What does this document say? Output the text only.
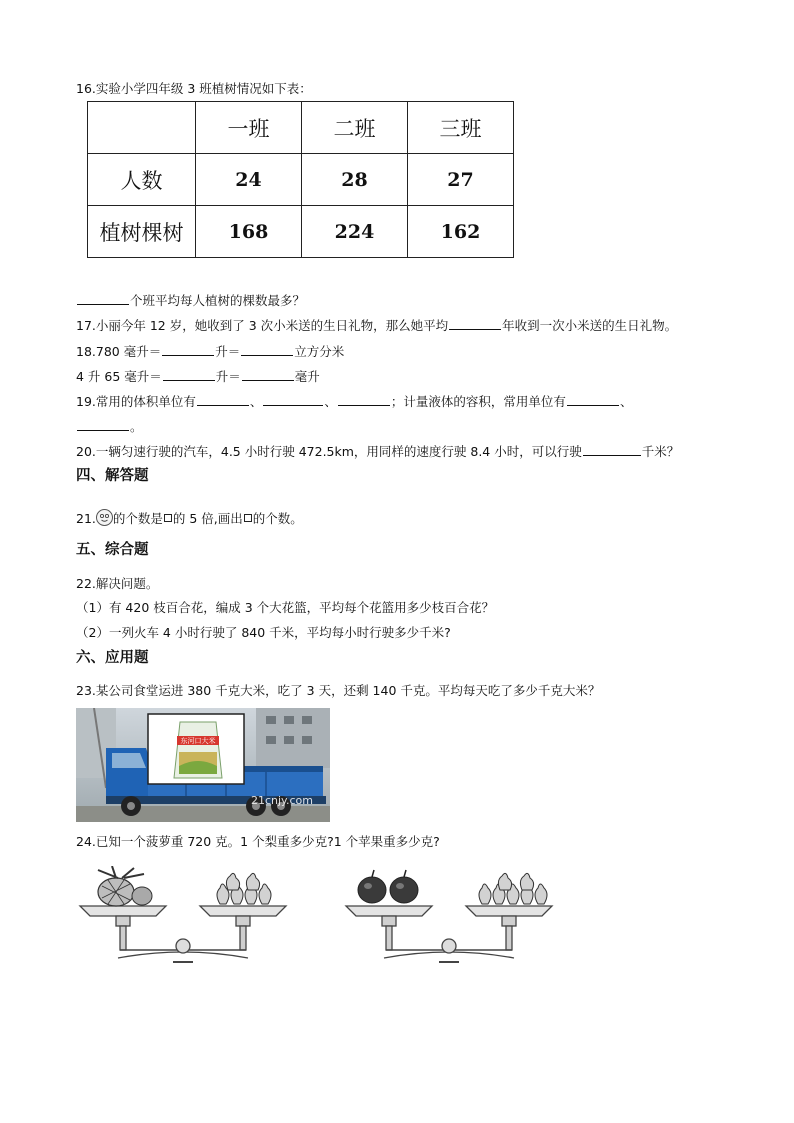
16.实验小学四年级 3 班植树情况如下表：
	一班	二班	三班
人数	24	28	27
植树棵树	168	224	162
个班平均每人植树的棵数最多？
17.小丽今年 12 岁，她收到了 3 次小米送的生日礼物，那么她平均	年收到一次小米送的生日礼物。
18.780 毫升＝	升＝	立方分米
4 升 65 毫升＝	升＝	毫升
19.常用的体积单位有	、	、	；计量液体的容积，常用单位有	、
。
20.一辆匀速行驶的汽车，4.5 小时行驶 472.5km，用同样的速度行驶 8.4 小时，可以行驶	千米？
四、解答题
21. 的个数是 的 5 倍,画出 的个数。
五、综合题
22.解决问题。
（1）有 420 枝百合花，编成 3 个大花篮，平均每个花篮用多少枝百合花？
（2）一列火车 4 小时行驶了 840 千米，平均每小时行驶多少千米?
六、应用题
23.某公司食堂运进 380 千克大米，吃了 3 天，还剩 140 千克。平均每天吃了多少千克大米？
东河口大米
21cnjy.com
24.已知一个菠萝重 720 克。1 个梨重多少克?1 个苹果重多少克?
